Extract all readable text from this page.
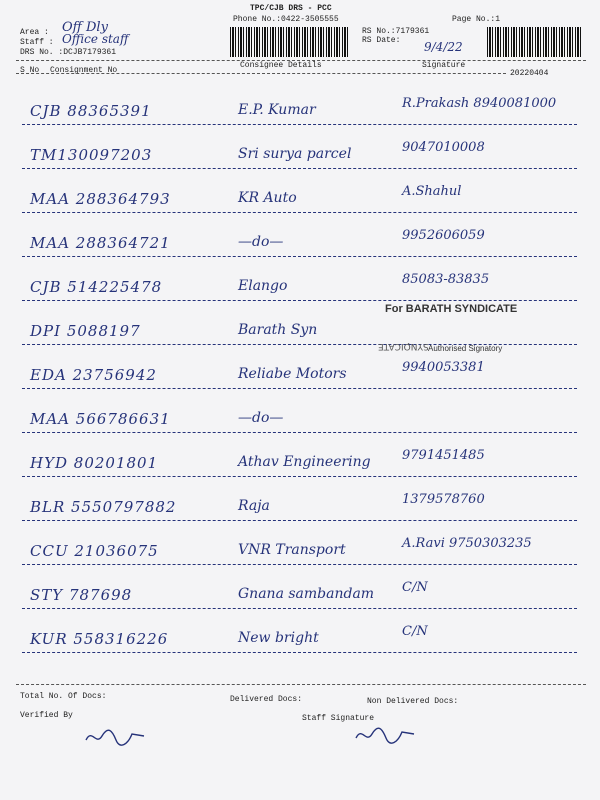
TPC/CJB DRS - PCC
Phone No.:0422-3505555	Page No.:1
Area : Off Dly
Staff : Office staff
DRS No. :DCJB7179361
RS No.:7179361
RS Date: 9/4/22
S No Consignment No
Consignee Details	Signature
20220404
CJB 88365391	E.P. Kumar	R.Prakash 8940081000
TM130097203	Sri surya parcel	9047010008
MAA 288364793	KR Auto	A.Shahul
MAA 288364721	—do—	9952606059
CJB 514225478	Elango	85083-83835
DPI 5088197	Barath Syn
EDA 23756942	Reliabe Motors	9940053381
MAA 566786631	—do—
HYD 80201801	Athav Engineering 9791451485
BLR 5550797882	Raja	1379578760
CCU 21036075	VNR Transport	A.Ravi 9750303235
STY 787698	Gnana sambandam C/N
KUR 558316226	New bright	C/N
For BARATH SYNDICATE
Authorised Signatory
ƎTAϽIQИYƧ
Total No. Of Docs:	Delivered Docs:	Non Delivered Docs:
Verified By	Staff Signature
